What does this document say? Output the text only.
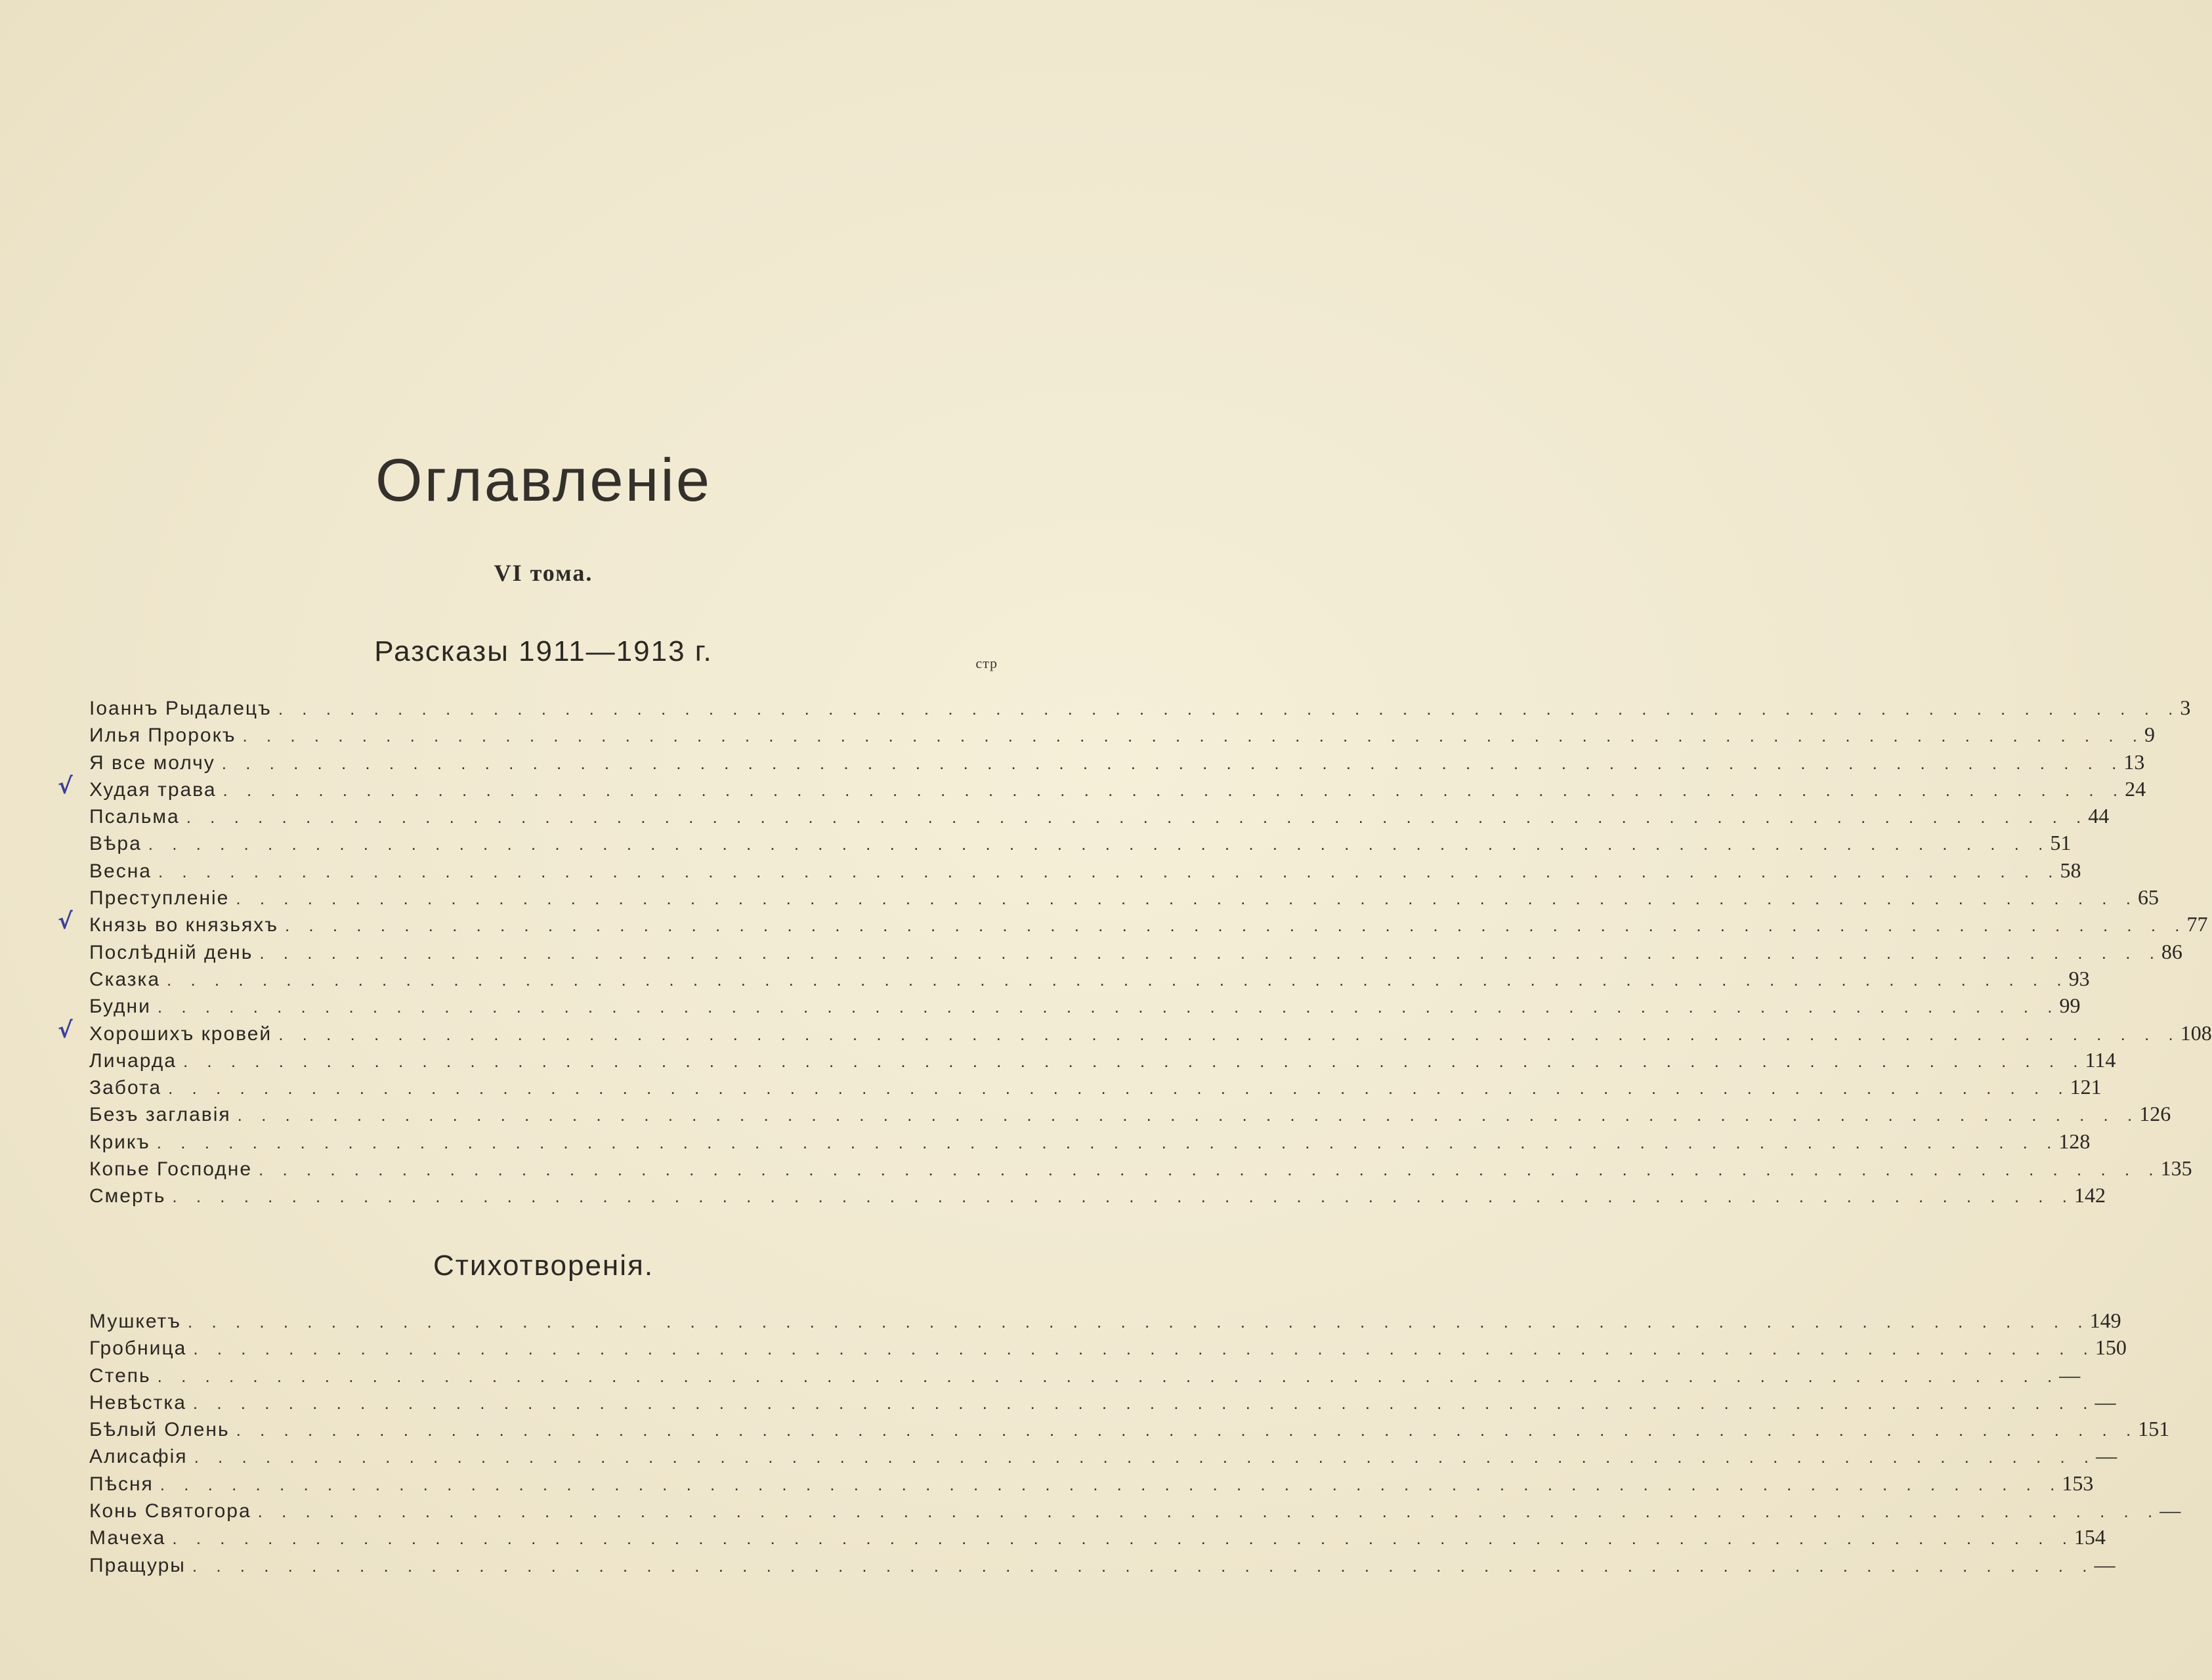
Оглавленіе
VI тома.
Разсказы 1911—1913 г.	стр
Іоаннъ Рыдалецъ . . . . . . . . . . . . . . . . . . . . . . . . . . . . . . . . . . . . . . . . . . . . . . . . . . . . . . . . . . . . . . . . . . . . . . . . . . . . . . . . 3
Илья Пророкъ . . . . . . . . . . . . . . . . . . . . . . . . . . . . . . . . . . . . . . . . . . . . . . . . . . . . . . . . . . . . . . . . . . . . . . . . . . . . . . . . 9
Я все молчу . . . . . . . . . . . . . . . . . . . . . . . . . . . . . . . . . . . . . . . . . . . . . . . . . . . . . . . . . . . . . . . . . . . . . . . . . . . . . . . . 13
Худая трава . . . . . . . . . . . . . . . . . . . . . . . . . . . . . . . . . . . . . . . . . . . . . . . . . . . . . . . . . . . . . . . . . . . . . . . . . . . . . . . . 24
Псальма . . . . . . . . . . . . . . . . . . . . . . . . . . . . . . . . . . . . . . . . . . . . . . . . . . . . . . . . . . . . . . . . . . . . . . . . . . . . . . . . 44
Вѣра . . . . . . . . . . . . . . . . . . . . . . . . . . . . . . . . . . . . . . . . . . . . . . . . . . . . . . . . . . . . . . . . . . . . . . . . . . . . . . . . 51
Весна . . . . . . . . . . . . . . . . . . . . . . . . . . . . . . . . . . . . . . . . . . . . . . . . . . . . . . . . . . . . . . . . . . . . . . . . . . . . . . . . 58
Преступленіе . . . . . . . . . . . . . . . . . . . . . . . . . . . . . . . . . . . . . . . . . . . . . . . . . . . . . . . . . . . . . . . . . . . . . . . . . . . . . . . . 65
Князь во князьяхъ . . . . . . . . . . . . . . . . . . . . . . . . . . . . . . . . . . . . . . . . . . . . . . . . . . . . . . . . . . . . . . . . . . . . . . . . . . . . . . . . 77
Послѣдній день . . . . . . . . . . . . . . . . . . . . . . . . . . . . . . . . . . . . . . . . . . . . . . . . . . . . . . . . . . . . . . . . . . . . . . . . . . . . . . . . 86
Сказка . . . . . . . . . . . . . . . . . . . . . . . . . . . . . . . . . . . . . . . . . . . . . . . . . . . . . . . . . . . . . . . . . . . . . . . . . . . . . . . . 93
Будни . . . . . . . . . . . . . . . . . . . . . . . . . . . . . . . . . . . . . . . . . . . . . . . . . . . . . . . . . . . . . . . . . . . . . . . . . . . . . . . . 99
Хорошихъ кровей . . . . . . . . . . . . . . . . . . . . . . . . . . . . . . . . . . . . . . . . . . . . . . . . . . . . . . . . . . . . . . . . . . . . . . . . . . . . . . . . 108
Личарда . . . . . . . . . . . . . . . . . . . . . . . . . . . . . . . . . . . . . . . . . . . . . . . . . . . . . . . . . . . . . . . . . . . . . . . . . . . . . . . . 114
Забота . . . . . . . . . . . . . . . . . . . . . . . . . . . . . . . . . . . . . . . . . . . . . . . . . . . . . . . . . . . . . . . . . . . . . . . . . . . . . . . . 121
Безъ заглавія . . . . . . . . . . . . . . . . . . . . . . . . . . . . . . . . . . . . . . . . . . . . . . . . . . . . . . . . . . . . . . . . . . . . . . . . . . . . . . . . 126
Крикъ . . . . . . . . . . . . . . . . . . . . . . . . . . . . . . . . . . . . . . . . . . . . . . . . . . . . . . . . . . . . . . . . . . . . . . . . . . . . . . . . 128
Копье Господне . . . . . . . . . . . . . . . . . . . . . . . . . . . . . . . . . . . . . . . . . . . . . . . . . . . . . . . . . . . . . . . . . . . . . . . . . . . . . . . . 135
Смерть . . . . . . . . . . . . . . . . . . . . . . . . . . . . . . . . . . . . . . . . . . . . . . . . . . . . . . . . . . . . . . . . . . . . . . . . . . . . . . . . 142
Стихотворенія.
Мушкетъ . . . . . . . . . . . . . . . . . . . . . . . . . . . . . . . . . . . . . . . . . . . . . . . . . . . . . . . . . . . . . . . . . . . . . . . . . . . . . . . . 149
Гробница . . . . . . . . . . . . . . . . . . . . . . . . . . . . . . . . . . . . . . . . . . . . . . . . . . . . . . . . . . . . . . . . . . . . . . . . . . . . . . . . 150
Степь . . . . . . . . . . . . . . . . . . . . . . . . . . . . . . . . . . . . . . . . . . . . . . . . . . . . . . . . . . . . . . . . . . . . . . . . . . . . . . . . —
Невѣстка . . . . . . . . . . . . . . . . . . . . . . . . . . . . . . . . . . . . . . . . . . . . . . . . . . . . . . . . . . . . . . . . . . . . . . . . . . . . . . . . —
Бѣлый Олень . . . . . . . . . . . . . . . . . . . . . . . . . . . . . . . . . . . . . . . . . . . . . . . . . . . . . . . . . . . . . . . . . . . . . . . . . . . . . . . . 151
Алисафія . . . . . . . . . . . . . . . . . . . . . . . . . . . . . . . . . . . . . . . . . . . . . . . . . . . . . . . . . . . . . . . . . . . . . . . . . . . . . . . . —
Пѣсня . . . . . . . . . . . . . . . . . . . . . . . . . . . . . . . . . . . . . . . . . . . . . . . . . . . . . . . . . . . . . . . . . . . . . . . . . . . . . . . . 153
Конь Святогора . . . . . . . . . . . . . . . . . . . . . . . . . . . . . . . . . . . . . . . . . . . . . . . . . . . . . . . . . . . . . . . . . . . . . . . . . . . . . . . . —
Мачеха . . . . . . . . . . . . . . . . . . . . . . . . . . . . . . . . . . . . . . . . . . . . . . . . . . . . . . . . . . . . . . . . . . . . . . . . . . . . . . . . 154
Пращуры . . . . . . . . . . . . . . . . . . . . . . . . . . . . . . . . . . . . . . . . . . . . . . . . . . . . . . . . . . . . . . . . . . . . . . . . . . . . . . . . —
√
√
√
